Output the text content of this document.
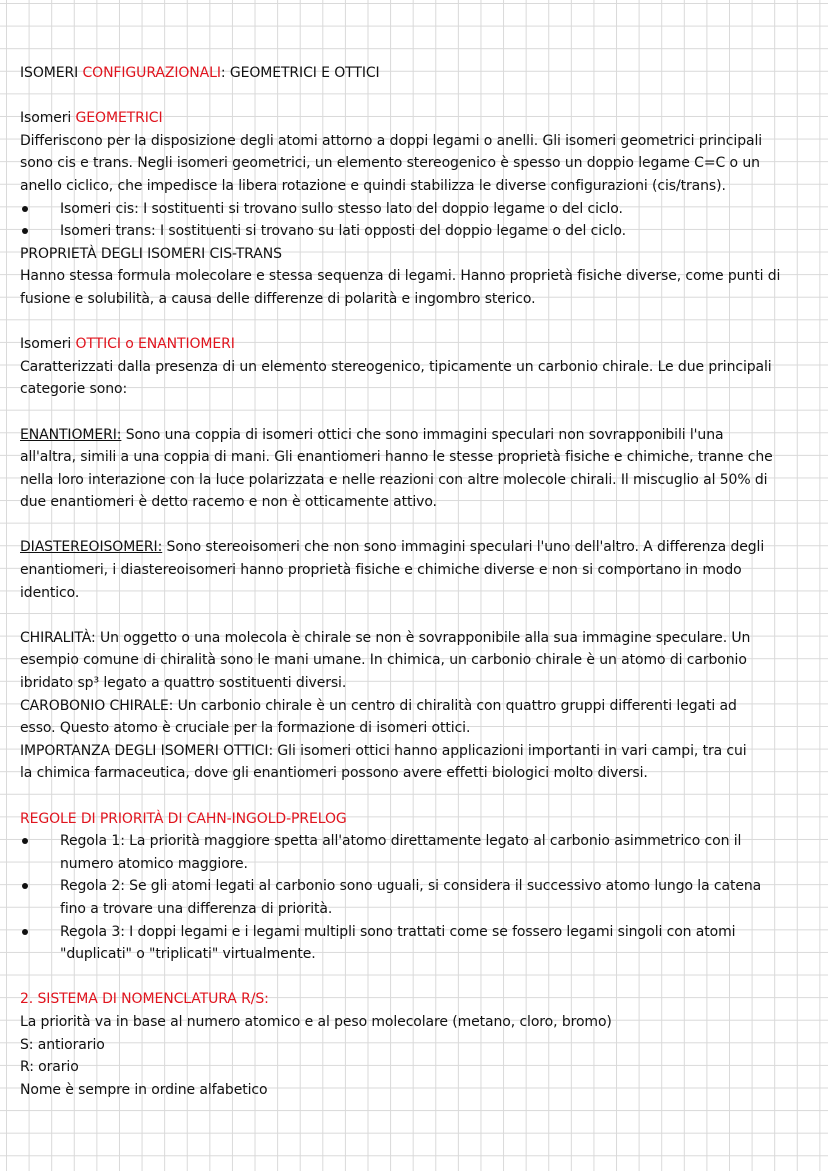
ISOMERI CONFIGURAZIONALI: GEOMETRICI E OTTICI
Isomeri GEOMETRICI
Differiscono per la disposizione degli atomi attorno a doppi legami o anelli. Gli isomeri geometrici principali
sono cis e trans. Negli isomeri geometrici, un elemento stereogenico è spesso un doppio legame C=C o un
anello ciclico, che impedisce la libera rotazione e quindi stabilizza le diverse configurazioni (cis/trans).
Isomeri cis: I sostituenti si trovano sullo stesso lato del doppio legame o del ciclo.
Isomeri trans: I sostituenti si trovano su lati opposti del doppio legame o del ciclo.
PROPRIETÀ DEGLI ISOMERI CIS-TRANS
Hanno stessa formula molecolare e stessa sequenza di legami. Hanno proprietà fisiche diverse, come punti di
fusione e solubilità, a causa delle differenze di polarità e ingombro sterico.
Isomeri OTTICI o ENANTIOMERI
Caratterizzati dalla presenza di un elemento stereogenico, tipicamente un carbonio chirale. Le due principali
categorie sono:
ENANTIOMERI: Sono una coppia di isomeri ottici che sono immagini speculari non sovrapponibili l'una
all'altra, simili a una coppia di mani. Gli enantiomeri hanno le stesse proprietà fisiche e chimiche, tranne che
nella loro interazione con la luce polarizzata e nelle reazioni con altre molecole chirali. Il miscuglio al 50% di
due enantiomeri è detto racemo e non è otticamente attivo.
DIASTEREOISOMERI: Sono stereoisomeri che non sono immagini speculari l'uno dell'altro. A differenza degli
enantiomeri, i diastereoisomeri hanno proprietà fisiche e chimiche diverse e non si comportano in modo
identico.
CHIRALITÀ: Un oggetto o una molecola è chirale se non è sovrapponibile alla sua immagine speculare. Un
esempio comune di chiralità sono le mani umane. In chimica, un carbonio chirale è un atomo di carbonio
ibridato sp³ legato a quattro sostituenti diversi.
CAROBONIO CHIRALE: Un carbonio chirale è un centro di chiralità con quattro gruppi differenti legati ad
esso. Questo atomo è cruciale per la formazione di isomeri ottici.
IMPORTANZA DEGLI ISOMERI OTTICI: Gli isomeri ottici hanno applicazioni importanti in vari campi, tra cui
la chimica farmaceutica, dove gli enantiomeri possono avere effetti biologici molto diversi.
REGOLE DI PRIORITÀ DI CAHN-INGOLD-PRELOG
Regola 1: La priorità maggiore spetta all'atomo direttamente legato al carbonio asimmetrico con il
numero atomico maggiore.
Regola 2: Se gli atomi legati al carbonio sono uguali, si considera il successivo atomo lungo la catena
fino a trovare una differenza di priorità.
Regola 3: I doppi legami e i legami multipli sono trattati come se fossero legami singoli con atomi
"duplicati" o "triplicati" virtualmente.
2. SISTEMA DI NOMENCLATURA R/S:
La priorità va in base al numero atomico e al peso molecolare (metano, cloro, bromo)
S: antiorario
R: orario
Nome è sempre in ordine alfabetico
